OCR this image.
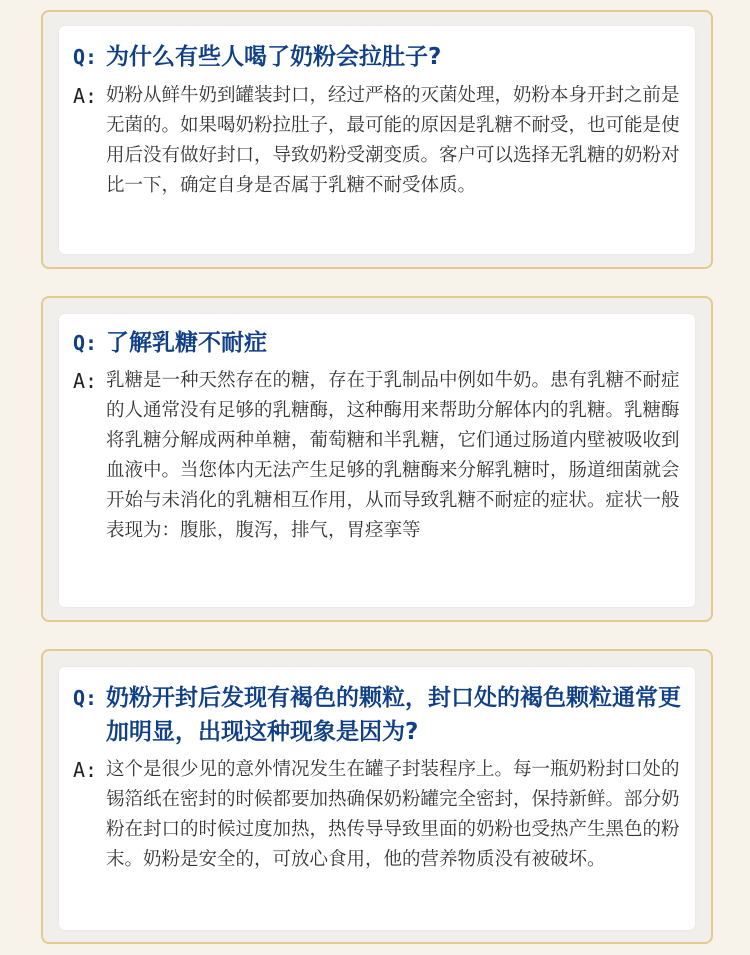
Q: 为什么有些人喝了奶粉会拉肚子?
A: 奶粉从鲜牛奶到罐装封口，经过严格的灭菌处理，奶粉本身开封之前是无菌的。如果喝奶粉拉肚子，最可能的原因是乳糖不耐受，也可能是使用后没有做好封口，导致奶粉受潮变质。客户可以选择无乳糖的奶粉对比一下，确定自身是否属于乳糖不耐受体质。
Q: 了解乳糖不耐症
A: 乳糖是一种天然存在的糖，存在于乳制品中例如牛奶。患有乳糖不耐症的人通常没有足够的乳糖酶，这种酶用来帮助分解体内的乳糖。乳糖酶将乳糖分解成两种单糖，葡萄糖和半乳糖，它们通过肠道内壁被吸收到血液中。当您体内无法产生足够的乳糖酶来分解乳糖时，肠道细菌就会开始与未消化的乳糖相互作用，从而导致乳糖不耐症的症状。症状一般表现为：腹胀，腹泻，排气，胃痉挛等
Q: 奶粉开封后发现有褐色的颗粒，封口处的褐色颗粒通常更加明显，出现这种现象是因为?
A: 这个是很少见的意外情况发生在罐子封装程序上。每一瓶奶粉封口处的锡箔纸在密封的时候都要加热确保奶粉罐完全密封，保持新鲜。部分奶粉在封口的时候过度加热，热传导导致里面的奶粉也受热产生黑色的粉末。奶粉是安全的，可放心食用，他的营养物质没有被破坏。
